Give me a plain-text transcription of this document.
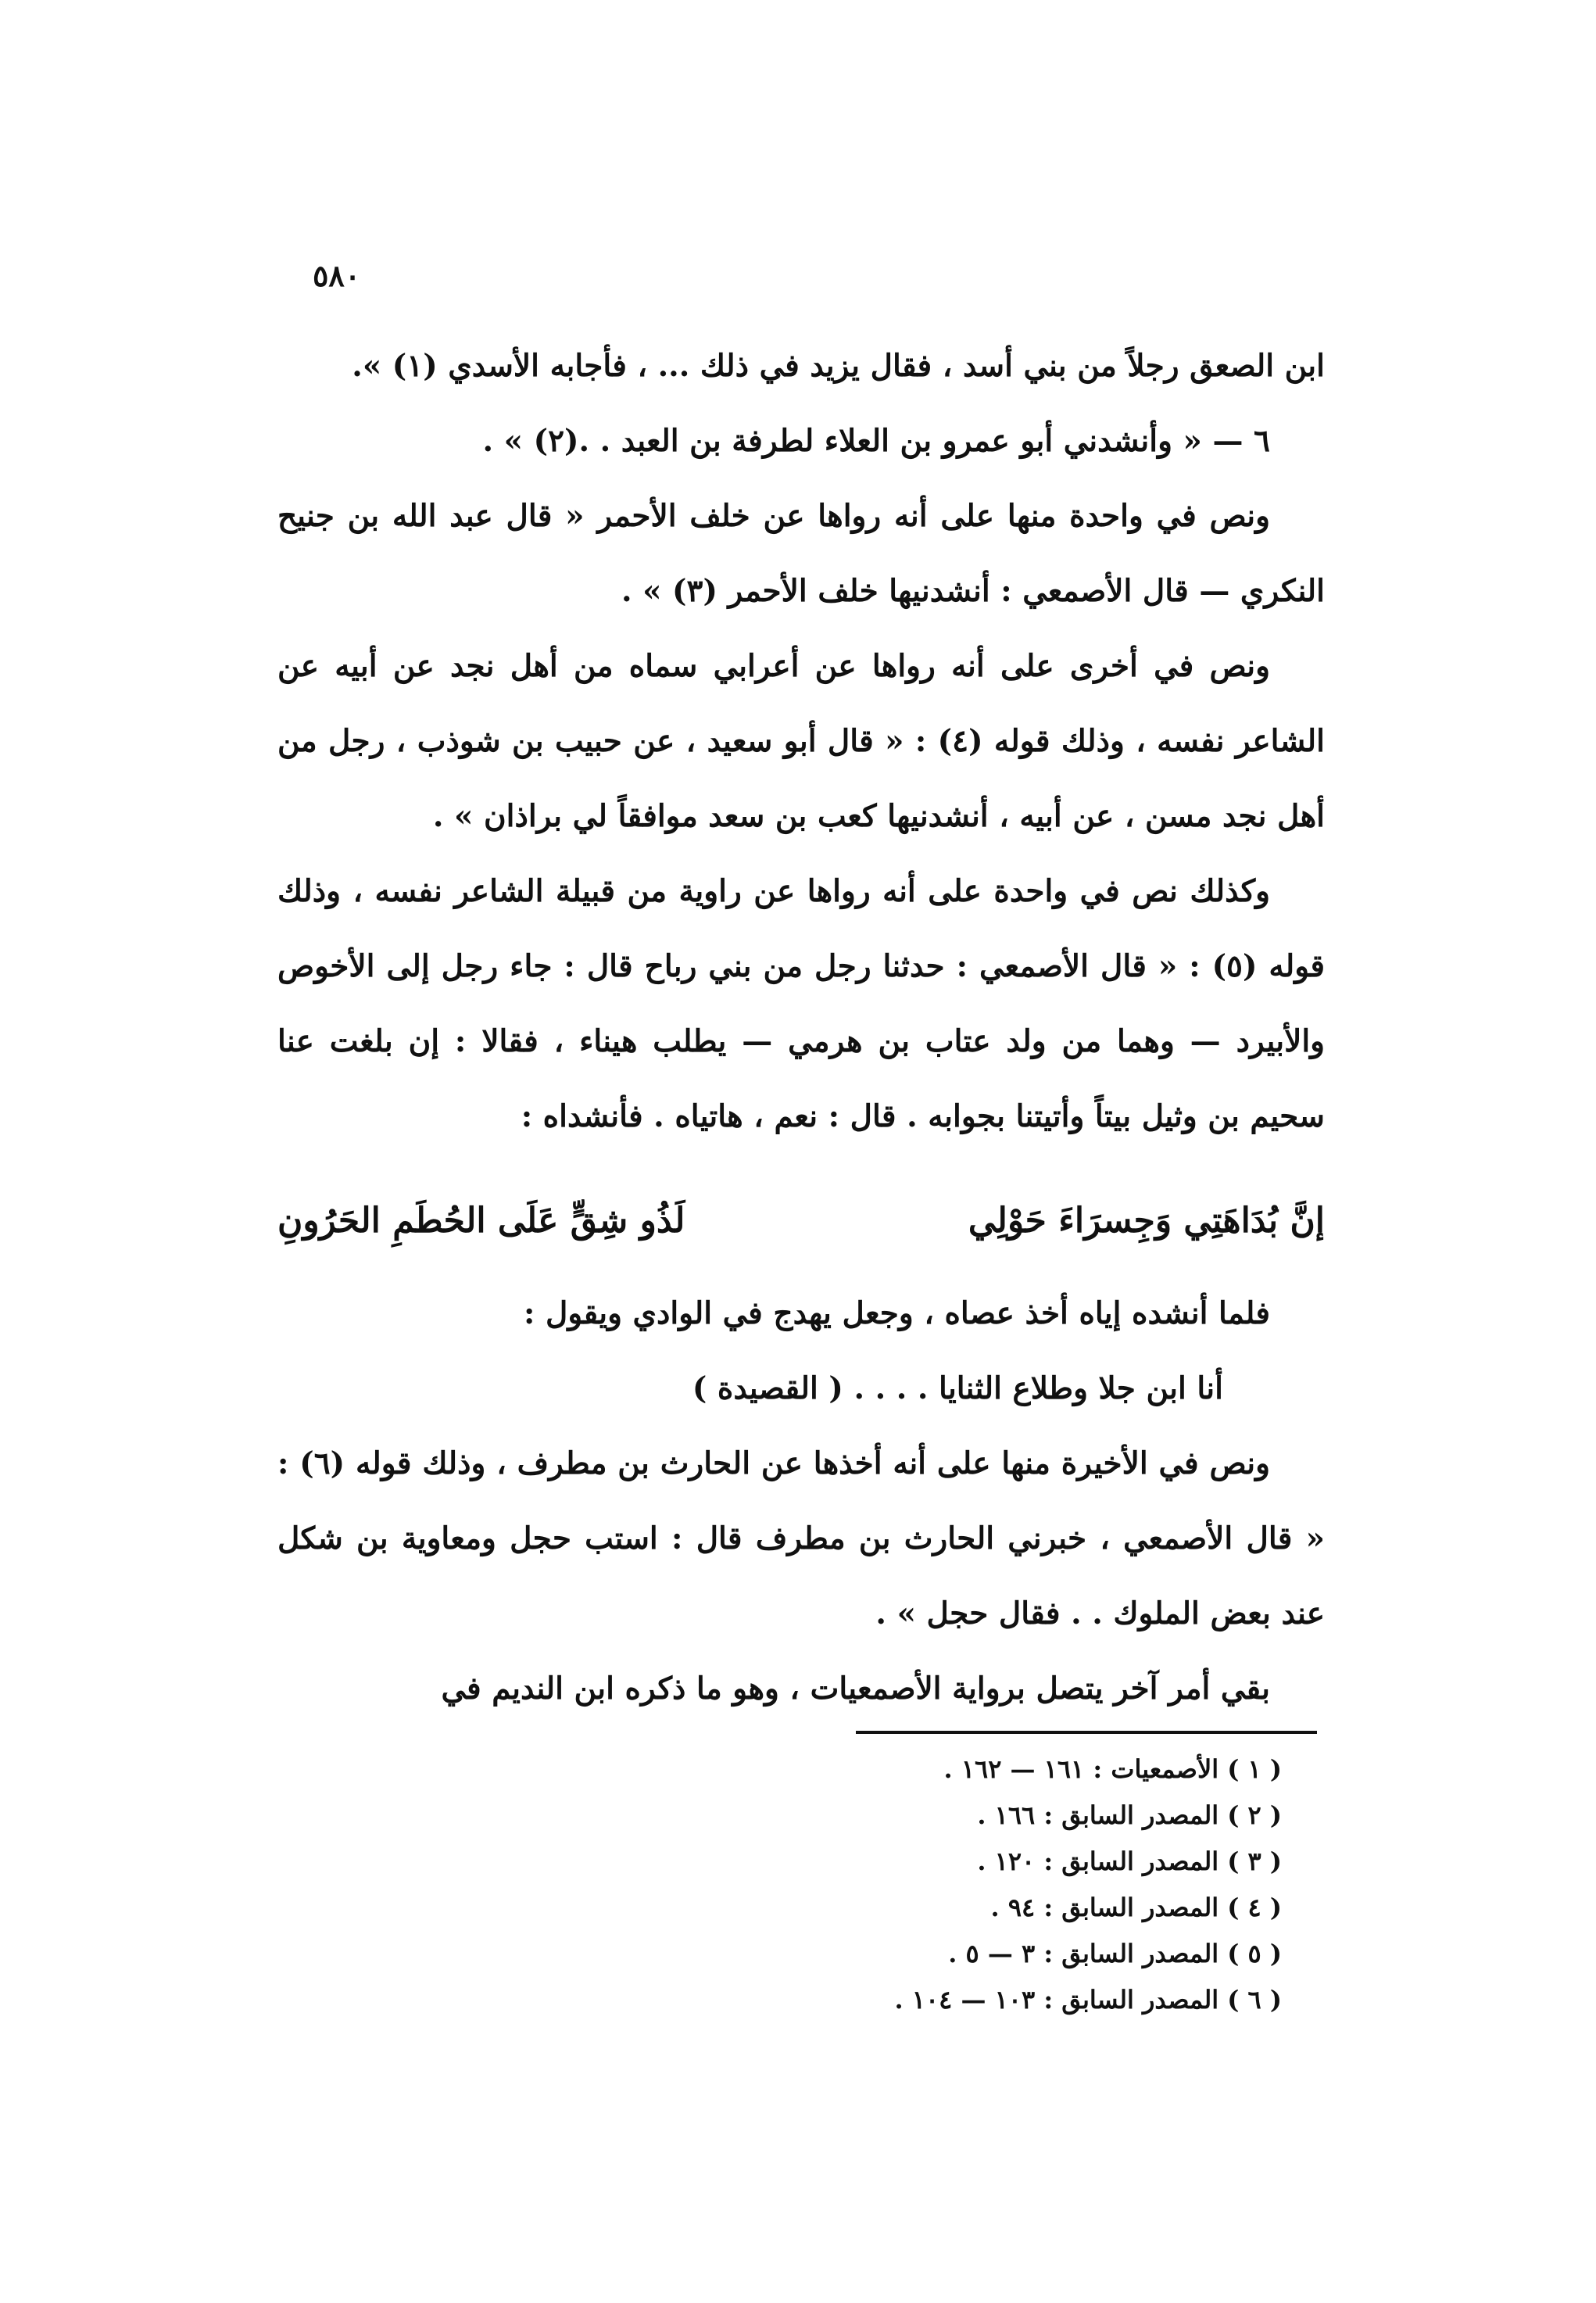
٥٨٠

ابن الصعق رجلاً من بني أسد ، فقال يزيد في ذلك ... ، فأجابه الأسدي (١) ».

٦ — « وأنشدني أبو عمرو بن العلاء لطرفة بن العبد . .(٢) » .

ونص في واحدة منها على أنه رواها عن خلف الأحمر « قال عبد الله بن جنيح النكري — قال الأصمعي : أنشدنيها خلف الأحمر (٣) » .

ونص في أخرى على أنه رواها عن أعرابي سماه من أهل نجد عن أبيه عن الشاعر نفسه ، وذلك قوله (٤) : « قال أبو سعيد ، عن حبيب بن شوذب ، رجل من أهل نجد مسن ، عن أبيه ، أنشدنيها كعب بن سعد موافقاً لي براذان » .

وكذلك نص في واحدة على أنه رواها عن راوية من قبيلة الشاعر نفسه ، وذلك قوله (٥) : « قال الأصمعي : حدثنا رجل من بني رباح قال : جاء رجل إلى الأخوص والأبيرد — وهما من ولد عتاب بن هرمي — يطلب هيناء ، فقالا : إن بلغت عنا سحيم بن وثيل بيتاً وأتيتنا بجوابه . قال : نعم ، هاتياه . فأنشداه :

إنَّ بُدَاهَتِي وَجِسرَاءَ حَوْلِي
لَذُو شِقٍّ عَلَى الحُطَمِ الحَرُونِ

فلما أنشده إياه أخذ عصاه ، وجعل يهدج في الوادي ويقول :

أنا ابن جلا وطلاع الثنايا . . . . ( القصيدة )

ونص في الأخيرة منها على أنه أخذها عن الحارث بن مطرف ، وذلك قوله (٦) : « قال الأصمعي ، خبرني الحارث بن مطرف قال : استب حجل ومعاوية بن شكل عند بعض الملوك . . فقال حجل » .

بقي أمر آخر يتصل برواية الأصمعيات ، وهو ما ذكره ابن النديم في

( ١ ) الأصمعيات : ١٦١ — ١٦٢ .

( ٢ ) المصدر السابق : ١٦٦ .

( ٣ ) المصدر السابق : ١٢٠ .

( ٤ ) المصدر السابق : ٩٤ .

( ٥ ) المصدر السابق : ٣ — ٥ .

( ٦ ) المصدر السابق : ١٠٣ — ١٠٤ .
